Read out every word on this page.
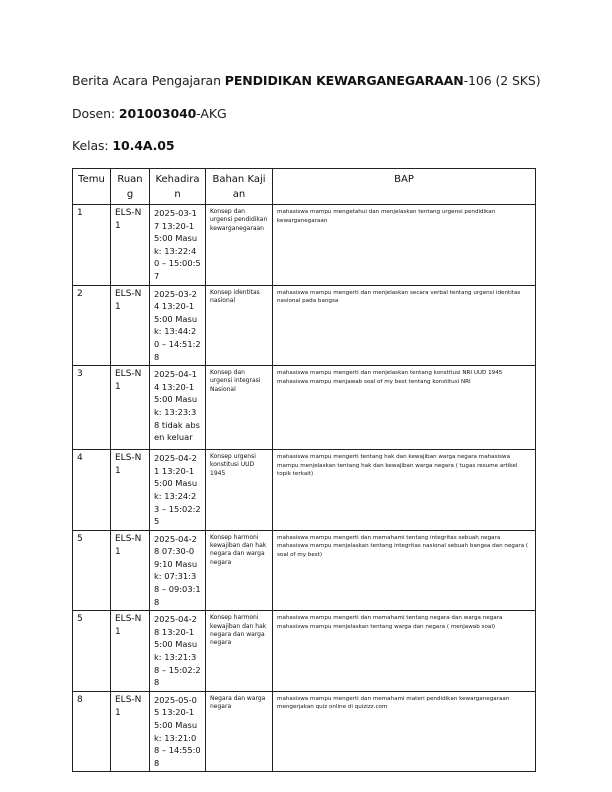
Berita Acara Pengajaran PENDIDIKAN KEWARGANEGARAAN-106 (2 SKS)
Dosen: 201003040-AKG
Kelas: 10.4A.05
Temu	Ruang	Kehadiran	Bahan Kajian	BAP
1	ELS-N1	2025-03-17 13:20-15:00 Masuk: 13:22:40 – 15:00:57	Konsep dan urgensi pendidikan kewarganegaraan	mahasiswa mampu mengetahui dan menjelaskan tentang urgensi pendidikan kewarganegaraan
2	ELS-N1	2025-03-24 13:20-15:00 Masuk: 13:44:20 – 14:51:28	Konsep identitas nasional	mahasiswa mampu mengerti dan menjelaskan secara verbal tentang urgensi identitas nasional pada bangsa
3	ELS-N1	2025-04-14 13:20-15:00 Masuk: 13:23:38 tidak absen keluar	Konsep dan urgensi integrasi Nasional	mahasiswa mampu mengerti dan menjelaskan tentang konstitusi NRI UUD 1945 mahasiswa mampu menjawab soal of my best tentang konstitusi NRI
4	ELS-N1	2025-04-21 13:20-15:00 Masuk: 13:24:23 – 15:02:25	Konsep urgensi konstitusi UUD 1945	mahasiswa mampu mengerti tentang hak dan kewajiban warga negara mahasiswa mampu menjelaskan tentang hak dan kewajiban warga negara ( tugas resume artikel topik terkait)
5	ELS-N1	2025-04-28 07:30-09:10 Masuk: 07:31:38 – 09:03:18	Konsep harmoni kewajiban dan hak negara dan warga negara	mahasiswa mampu mengerti dan memahami tentang integritas sebuah negara mahasiswa mampu menjelaskan tentang integritas nasional sebuah bangsa dan negara ( soal of my best)
5	ELS-N1	2025-04-28 13:20-15:00 Masuk: 13:21:38 – 15:02:28	Konsep harmoni kewajiban dan hak negara dan warga negara	mahasiswa mampu mengerti dan memahami tentang negara dan warga negara mahasiswa mampu menjelaskan tentang warga dan negara ( menjawab soal)
8	ELS-N1	2025-05-05 13:20-15:00 Masuk: 13:21:08 – 14:55:08	Negara dan warga negara	mahasiswa mampu mengerti dan memahami materi pendidikan kewarganegaraan mengerjakan quiz online di quizizz.com
